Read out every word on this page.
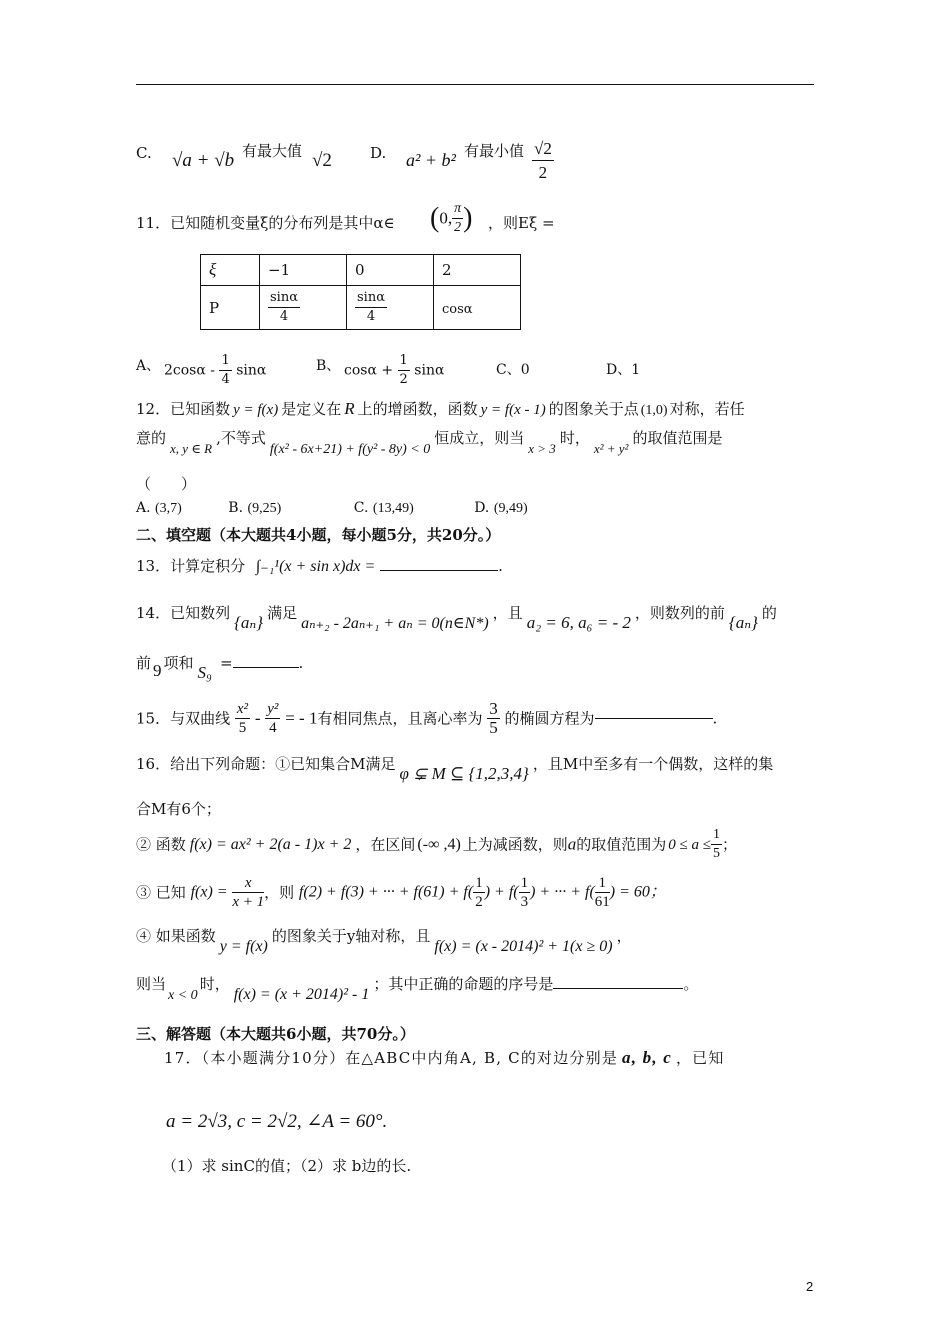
C. √a + √b 有最大值 √2	D. a² + b² 有最小值 $\frac{√2}{2}$
11．已知随机变量ξ的分布列是其中α∈ (0, $\frac{\pi}{2}$ ) ，则Eξ =
ξ	−1	0	2
P	$\frac{\sin\alpha}{4}$	$\frac{\sin\alpha}{4}$	cosα
A、 $2\cos\alpha - \frac{1}{4}$ sinα	B、 $\cos\alpha + \frac{1}{2}$ sinα	C、0	D、1
12．已知函数 y = f(x) 是定义在 R 上的增函数，函数 y = f(x - 1) 的图象关于点 (1,0) 对称，若任
意的x, y ∈ R,不等式f(x² - 6x+21) + f(y² - 8y) < 0恒成立，则当x > 3时，x² + y²的取值范围是
（　　）
A. (3,7)	B. (9,25)	C. (13,49)	D. (9,49)
二、填空题（本大题共4小题，每小题5分，共20分。）
13．计算定积分 ∫₋₁¹(x + sin x)dx =	.
14．已知数列 {aₙ} 满足aₙ₊₂ - 2aₙ₊₁ + aₙ = 0(n∈N*)，且 a₂ = 6, a₆ = - 2 ，则数列的前 {aₙ} 的
前 9 项和 S₉ =	.
15．与双曲线 $\frac{\text{x²}}{5} - \frac{\text{y²}}{4}$ = - 1有相同焦点，且离心率为 $\frac{3}{5}$ 的椭圆方程为	.
16．给出下列命题：①已知集合M满足 φ ⊊ M ⊆ {1,2,3,4} ，且M中至多有一个偶数，这样的集
合M有6个；
② 函数 f(x) = ax² + 2(a - 1)x + 2 ，在区间 (-∞ ,4) 上为减函数，则a的取值范围为 $0 \le a \le \frac{1}{5}$ ；
③ 已知 $f(x) = \frac{x}{x + 1}$ ，则 f(2) + f(3) + ··· + $f(61) + f( \frac{1}{2}$ ) + $f( \frac{1}{3}$ ) + ··· + $f( \frac{1}{61}$ ) = 60；
④ 如果函数y = f(x)的图象关于y轴对称，且f(x) = (x - 2014)² + 1(x ≥ 0)，
则当x < 0时，f(x) = (x + 2014)² - 1；其中正确的命题的序号是	。
三、解答题（本大题共6小题，共70分。）
17．（本小题满分10分）在△ABC中内角A, B, C的对边分别是 a, b, c ，已知
a = 2√3, c = 2√2, ∠A = 60°.
（1）求 sinC的值；（2）求 b边的长.
2
